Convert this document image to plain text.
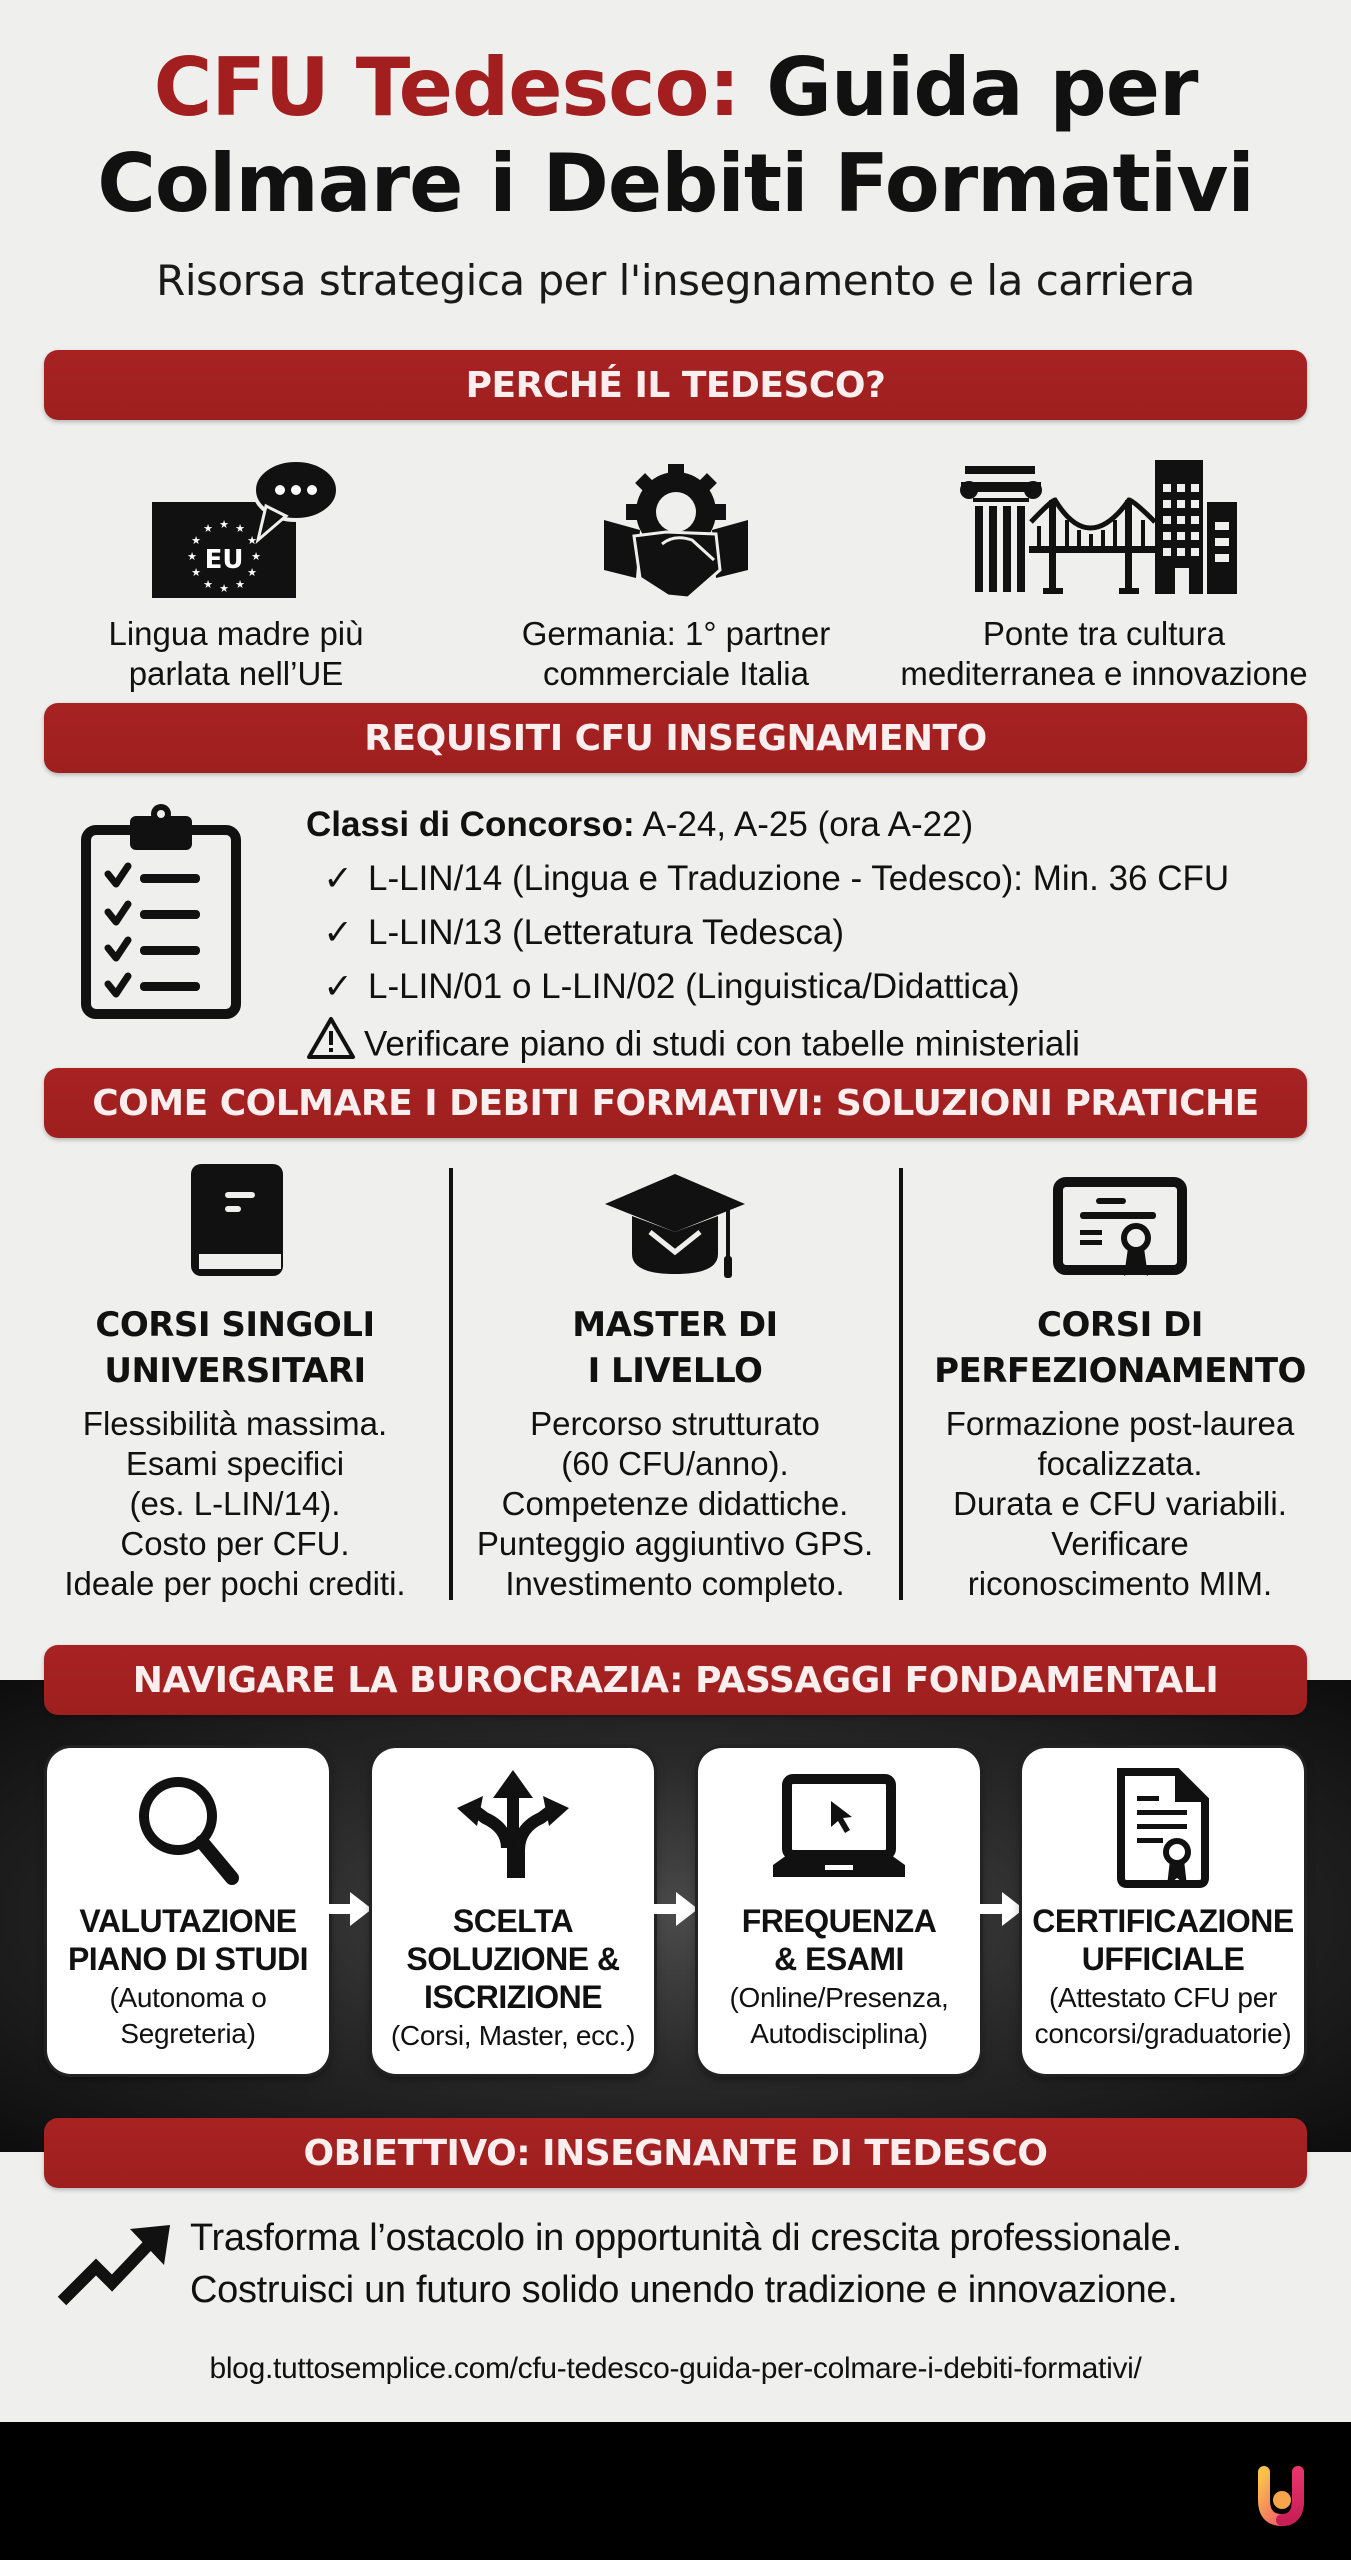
CFU Tedesco: Guida per
Colmare i Debiti Formativi
Risorsa strategica per l'insegnamento e la carriera
PERCHÉ IL TEDESCO?
★ ★
★
★
★
★
★
★
★
★
★
★
EU
Lingua madre più
parlata nell’UE
Germania: 1° partner
commerciale Italia
Ponte tra cultura
mediterranea e innovazione
REQUISITI CFU INSEGNAMENTO
Classi di Concorso: A-24, A-25 (ora A-22)
✓ L-LIN/14 (Lingua e Traduzione - Tedesco): Min. 36 CFU
✓ L-LIN/13 (Letteratura Tedesca)
✓ L-LIN/01 o L-LIN/02 (Linguistica/Didattica)
Verificare piano di studi con tabelle ministeriali
COME COLMARE I DEBITI FORMATIVI: SOLUZIONI PRATICHE
CORSI SINGOLI
UNIVERSITARI
Flessibilità massima.
Esami specifici
(es. L-LIN/14).
Costo per CFU.
Ideale per pochi crediti.
MASTER DI
I LIVELLO
Percorso strutturato
(60 CFU/anno).
Competenze didattiche.
Punteggio aggiuntivo GPS.
Investimento completo.
CORSI DI
PERFEZIONAMENTO
Formazione post-laurea
focalizzata.
Durata e CFU variabili.
Verificare
riconoscimento MIM.
NAVIGARE LA BUROCRAZIA: PASSAGGI FONDAMENTALI
VALUTAZIONE
PIANO DI STUDI
(Autonoma o
Segreteria)
SCELTA
SOLUZIONE &
ISCRIZIONE
(Corsi, Master, ecc.)
FREQUENZA
& ESAMI
(Online/Presenza,
Autodisciplina)
CERTIFICAZIONE
UFFICIALE
(Attestato CFU per
concorsi/graduatorie)
OBIETTIVO: INSEGNANTE DI TEDESCO
Trasforma l’ostacolo in opportunità di crescita professionale.
Costruisci un futuro solido unendo tradizione e innovazione.
blog.tuttosemplice.com/cfu-tedesco-guida-per-colmare-i-debiti-formativi/
